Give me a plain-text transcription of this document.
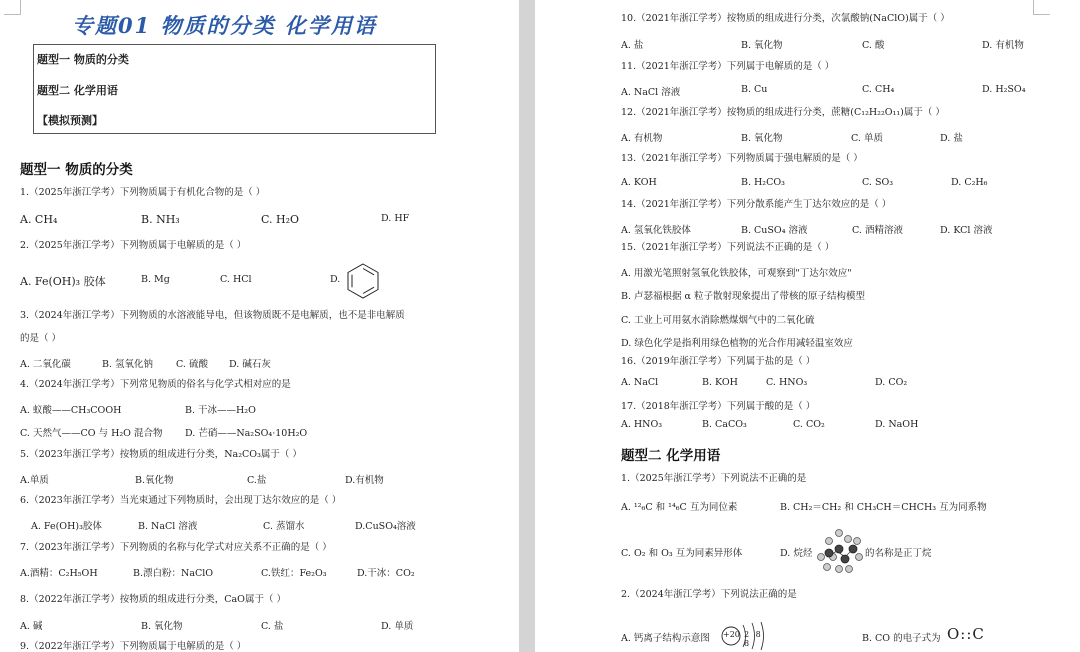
专题01 物质的分类 化学用语
题型一 物质的分类
题型二 化学用语
【模拟预测】
题型一 物质的分类
1.（2025年浙江学考）下列物质属于有机化合物的是（ ）
A. CH₄	B. NH₃	C. H₂O	D. HF
2.（2025年浙江学考）下列物质属于电解质的是（ ）
A. Fe(OH)₃ 胶体	B. Mg	C. HCl	D.
3.（2024年浙江学考）下列物质的水溶液能导电，但该物质既不是电解质，也不是非电解质
的是（ ）
A. 二氧化碳	B. 氢氧化钠 C. 硫酸 D. 碱石灰
4.（2024年浙江学考）下列常见物质的俗名与化学式相对应的是
A. 蚁酸——CH₃COOH	B. 干冰——H₂O
C. 天然气——CO 与 H₂O 混合物 D. 芒硝——Na₂SO₄·10H₂O
5.（2023年浙江学考）按物质的组成进行分类，Na₂CO₃属于（ ）
A.单质	B.氧化物	C.盐	D.有机物
6.（2023年浙江学考）当光束通过下列物质时，会出现丁达尔效应的是（ ）
A. Fe(OH)₃胶体	B. NaCl 溶液	C. 蒸馏水	D.CuSO₄溶液
7.（2023年浙江学考）下列物质的名称与化学式对应关系不正确的是（ ）
A.酒精：C₂H₅OH	B.漂白粉：NaClO	C.铁红：Fe₂O₃	D.干冰：CO₂
8.（2022年浙江学考）按物质的组成进行分类，CaO属于（ ）
A. 碱	B. 氧化物	C. 盐	D. 单质
9.（2022年浙江学考）下列物质属于电解质的是（ ）
10.（2021年浙江学考）按物质的组成进行分类，次氯酸钠(NaClO)属于（ ）
A. 盐	B. 氧化物	C. 酸	D. 有机物
11.（2021年浙江学考）下列属于电解质的是（ ）
A. NaCl 溶液	B. Cu	C. CH₄	D. H₂SO₄
12.（2021年浙江学考）按物质的组成进行分类，蔗糖(C₁₂H₂₂O₁₁)属于（ ）
A. 有机物	B. 氧化物	C. 单质	D. 盐
13.（2021年浙江学考）下列物质属于强电解质的是（ ）
A. KOH	B. H₂CO₃	C. SO₃	D. C₂H₆
14.（2021年浙江学考）下列分散系能产生丁达尔效应的是（ ）
A. 氢氧化铁胶体	B. CuSO₄ 溶液	C. 酒精溶液	D. KCl 溶液
15.（2021年浙江学考）下列说法不正确的是（ ）
A. 用激光笔照射氢氧化铁胶体，可观察到"丁达尔效应"
B. 卢瑟福根据 α 粒子散射现象提出了带核的原子结构模型
C. 工业上可用氨水消除燃煤烟气中的二氧化硫
D. 绿色化学是指利用绿色植物的光合作用减轻温室效应
16.（2019年浙江学考）下列属于盐的是（ ）
A. NaCl	B. KOH	C. HNO₃	D. CO₂
17.（2018年浙江学考）下列属于酸的是（ ）
A. HNO₃	B. CaCO₃	C. CO₂	D. NaOH
题型二 化学用语
1.（2025年浙江学考）下列说法不正确的是
A. ¹²₆C 和 ¹⁴₆C 互为同位素	B. CH₂＝CH₂ 和 CH₃CH＝CHCH₃ 互为同系物
C. O₂ 和 O₃ 互为同素异形体	D. 烷烃	的名称是正丁烷
2.（2024年浙江学考）下列说法正确的是
A. 钙离子结构示意图 +20 2 8 8	B. CO 的电子式为 O::C
